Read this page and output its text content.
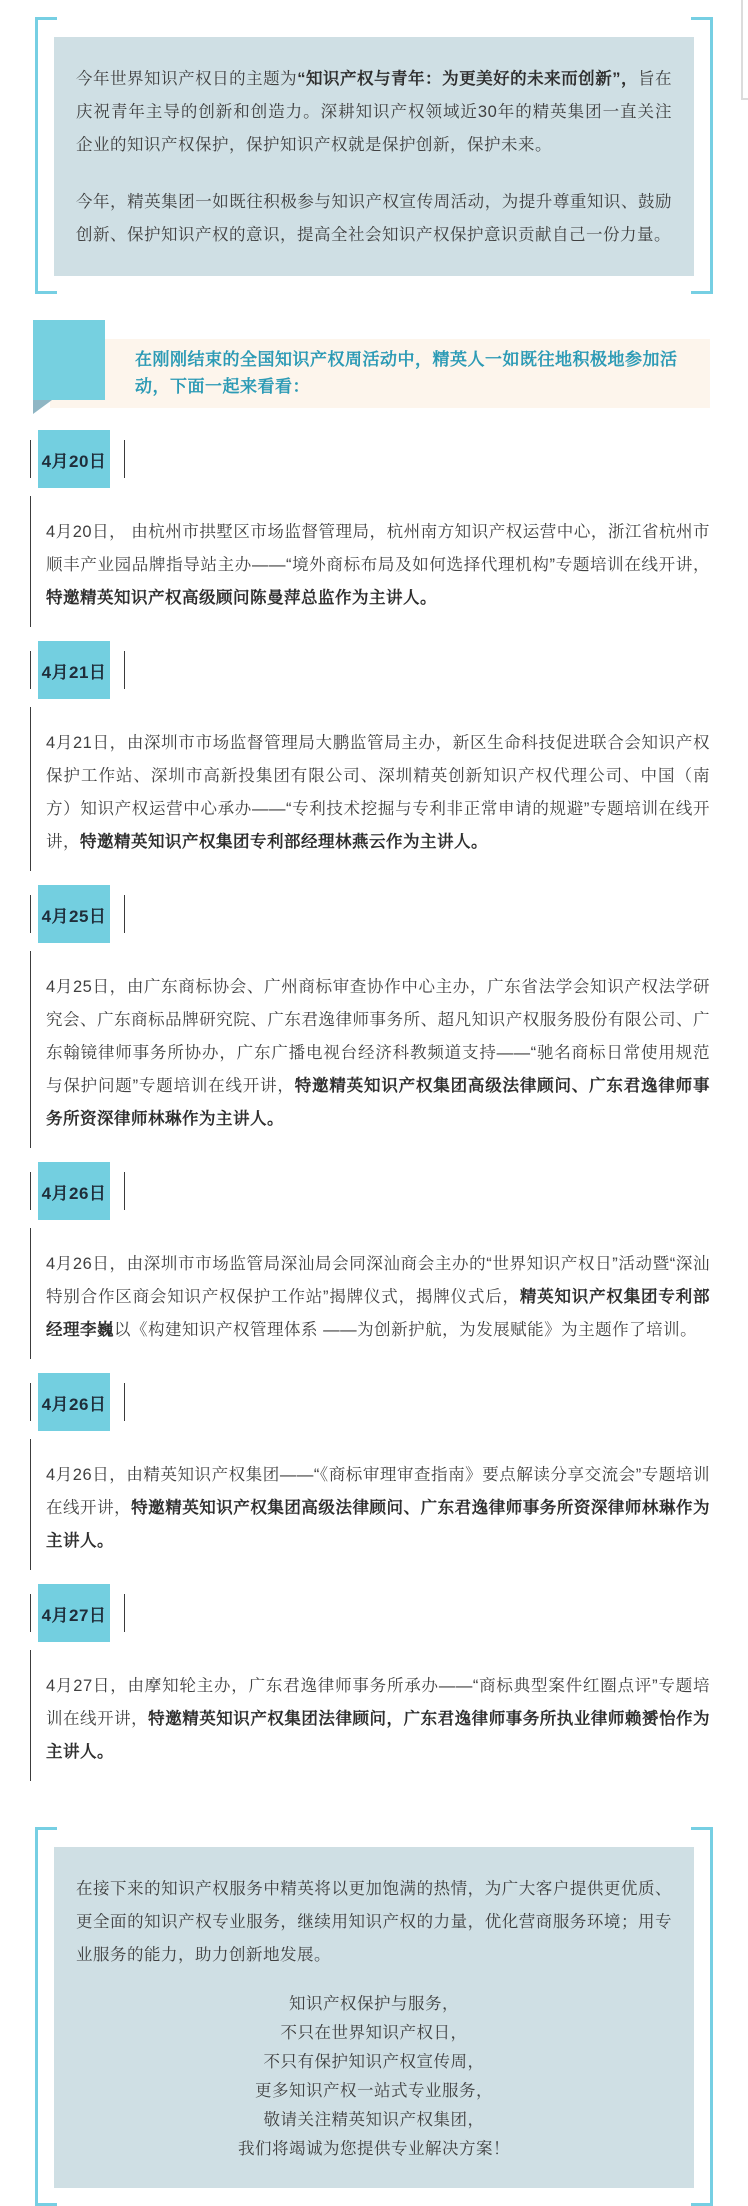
今年世界知识产权日的主题为“知识产权与青年：为更美好的未来而创新”，旨在庆祝青年主导的创新和创造力。深耕知识产权领域近30年的精英集团一直关注企业的知识产权保护，保护知识产权就是保护创新，保护未来。

今年，精英集团一如既往积极参与知识产权宣传周活动，为提升尊重知识、鼓励创新、保护知识产权的意识，提高全社会知识产权保护意识贡献自己一份力量。

在刚刚结束的全国知识产权周活动中，精英人一如既往地积极地参加活动，下面一起来看看：
4月20日

4月20日， 由杭州市拱墅区市场监督管理局，杭州南方知识产权运营中心，浙江省杭州市顺丰产业园品牌指导站主办——“境外商标布局及如何选择代理机构”专题培训在线开讲，特邀精英知识产权高级顾问陈曼萍总监作为主讲人。

4月21日

4月21日，由深圳市市场监督管理局大鹏监管局主办，新区生命科技促进联合会知识产权保护工作站、深圳市高新投集团有限公司、深圳精英创新知识产权代理公司、中国（南方）知识产权运营中心承办——“专利技术挖掘与专利非正常申请的规避”专题培训在线开讲，特邀精英知识产权集团专利部经理林燕云作为主讲人。

4月25日

4月25日，由广东商标协会、广州商标审查协作中心主办，广东省法学会知识产权法学研究会、广东商标品牌研究院、广东君逸律师事务所、超凡知识产权服务股份有限公司、广东翰镜律师事务所协办，广东广播电视台经济科教频道支持——“驰名商标日常使用规范与保护问题”专题培训在线开讲，特邀精英知识产权集团高级法律顾问、广东君逸律师事务所资深律师林琳作为主讲人。

4月26日

4月26日，由深圳市市场监管局深汕局会同深汕商会主办的“世界知识产权日”活动暨“深汕特别合作区商会知识产权保护工作站”揭牌仪式，揭牌仪式后，精英知识产权集团专利部经理李巍以《构建知识产权管理体系 ——为创新护航，为发展赋能》为主题作了培训。

4月26日

4月26日，由精英知识产权集团——“《商标审理审查指南》要点解读分享交流会”专题培训在线开讲，特邀精英知识产权集团高级法律顾问、广东君逸律师事务所资深律师林琳作为主讲人。

4月27日

4月27日，由摩知轮主办，广东君逸律师事务所承办——“商标典型案件红圈点评”专题培训在线开讲，特邀精英知识产权集团法律顾问，广东君逸律师事务所执业律师赖赟怡作为主讲人。

在接下来的知识产权服务中精英将以更加饱满的热情，为广大客户提供更优质、更全面的知识产权专业服务，继续用知识产权的力量，优化营商服务环境；用专业服务的能力，助力创新地发展。

知识产权保护与服务，
不只在世界知识产权日，
不只有保护知识产权宣传周，
更多知识产权一站式专业服务，
敬请关注精英知识产权集团，
我们将竭诚为您提供专业解决方案！
